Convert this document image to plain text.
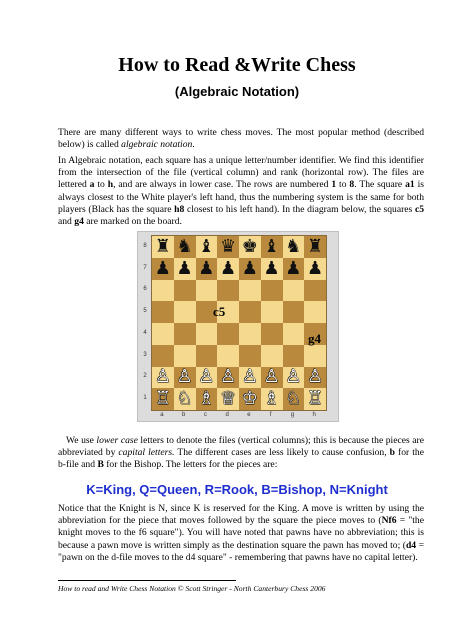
How to Read &Write Chess

(Algebraic Notation)

There are many different ways to write chess moves. The most popular method (described below) is called algebraic notation.

In Algebraic notation, each square has a unique letter/number identifier. We find this identifier from the intersection of the file (vertical column) and rank (horizontal row). The files are lettered a to h, and are always in lower case. The rows are numbered 1 to 8. The square a1 is always closest to the White player's left hand, thus the numbering system is the same for both players (Black has the square h8 closest to his left hand). In the diagram below, the squares c5 and g4 are marked on the board.

8
7
6
5
4
3
2
1
♜ ♞ ♝ ♛ ♚ ♝ ♞ ♜
♟ ♟ ♟ ♟ ♟ ♟ ♟ ♟
♙ ♙ ♙ ♙ ♙ ♙ ♙ ♙
♖ ♘ ♗ ♕ ♔ ♗ ♘ ♖
c5
g4
a	b	c	d	e	f	g	h

We use lower case letters to denote the files (vertical columns); this is because the pieces are abbreviated by capital letters. The different cases are less likely to cause confusion, b for the b-file and B for the Bishop. The letters for the pieces are:

K=King, Q=Queen, R=Rook, B=Bishop, N=Knight

Notice that the Knight is N, since K is reserved for the King. A move is written by using the abbreviation for the piece that moves followed by the square the piece moves to (Nf6 = "the knight moves to the f6 square"). You will have noted that pawns have no abbreviation; this is because a pawn move is written simply as the destination square the pawn has moved to; (d4 = "pawn on the d-file moves to the d4 square" - remembering that pawns have no capital letter).

How to read and Write Chess Notation © Scott Stringer - North Canterbury Chess 2006
